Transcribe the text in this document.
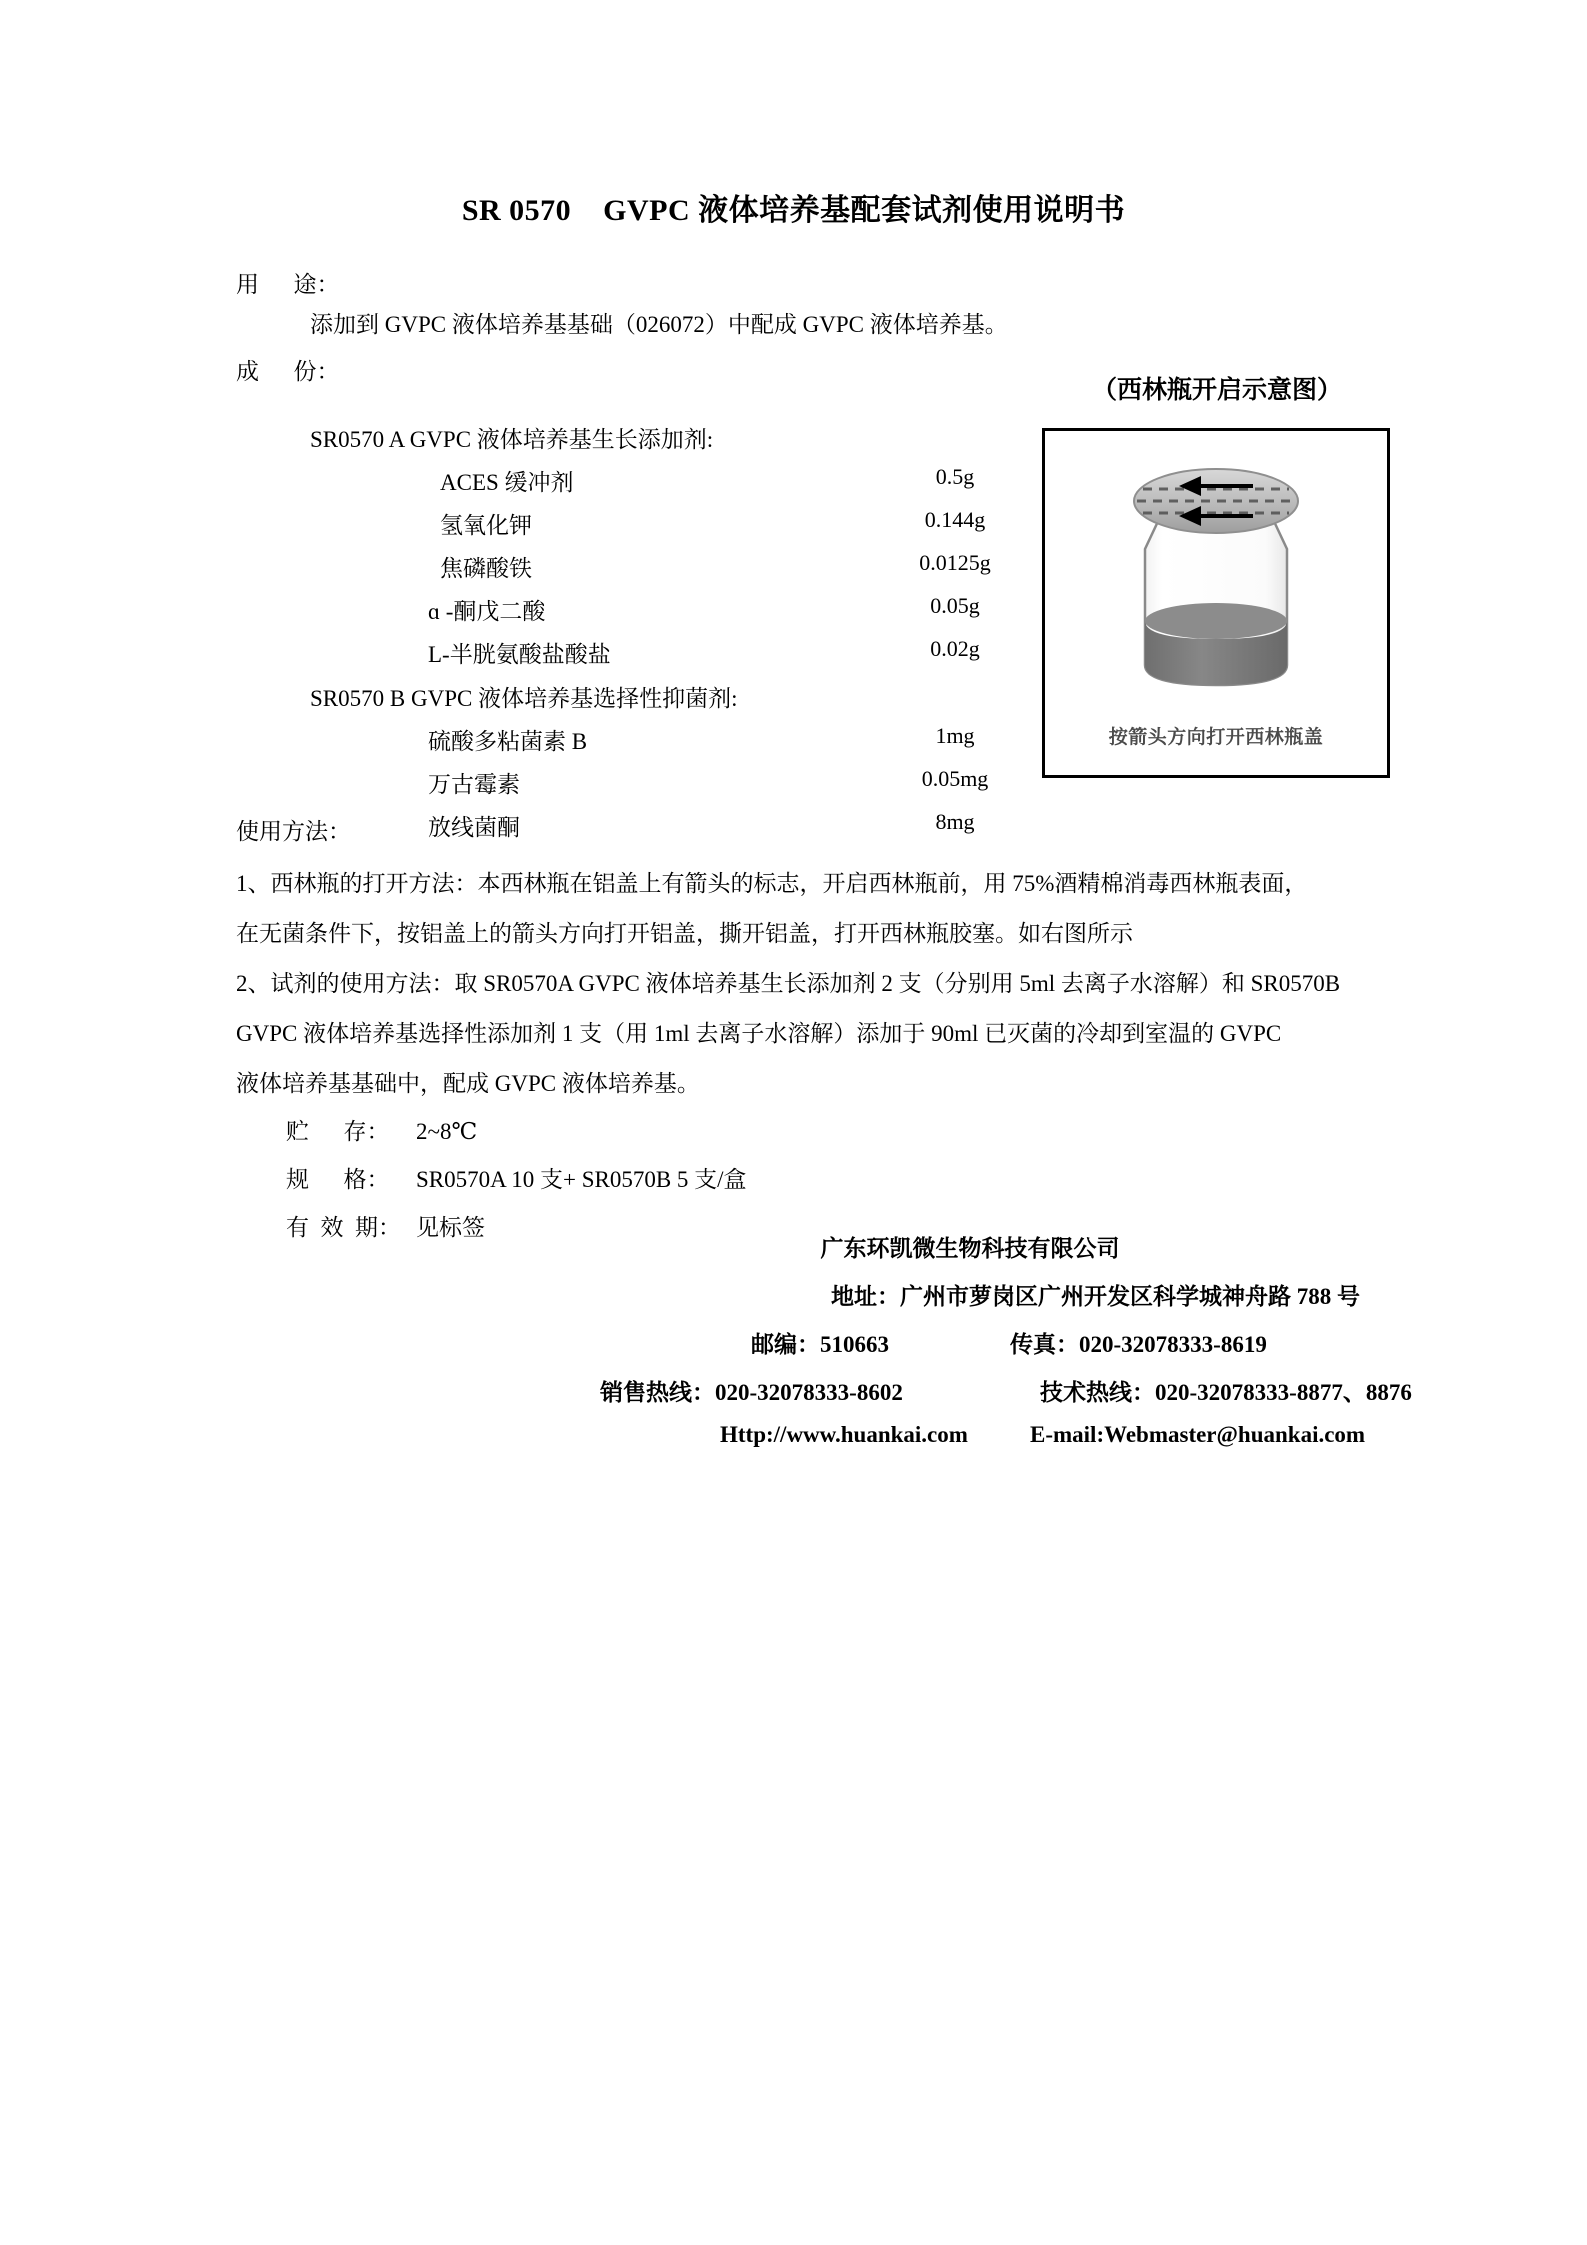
SR 0570    GVPC 液体培养基配套试剂使用说明书
用      途：
添加到 GVPC 液体培养基基础（026072）中配成 GVPC 液体培养基。
成      份：
SR0570 A GVPC 液体培养基生长添加剂:
ACES 缓冲剂	0.5g
氢氧化钾	0.144g
焦磷酸铁	0.0125g
ɑ -酮戊二酸	0.05g
L-半胱氨酸盐酸盐	0.02g
SR0570 B GVPC 液体培养基选择性抑菌剂:
硫酸多粘菌素 B	1mg
万古霉素	0.05mg
放线菌酮	8mg
（西林瓶开启示意图）
按箭头方向打开西林瓶盖
使用方法：
1、西林瓶的打开方法：本西林瓶在铝盖上有箭头的标志，开启西林瓶前，用 75%酒精棉消毒西林瓶表面，
在无菌条件下，按铝盖上的箭头方向打开铝盖，撕开铝盖，打开西林瓶胶塞。如右图所示
2、试剂的使用方法：取 SR0570A GVPC 液体培养基生长添加剂 2 支（分别用 5ml 去离子水溶解）和 SR0570B
GVPC 液体培养基选择性添加剂 1 支（用 1ml 去离子水溶解）添加于 90ml 已灭菌的冷却到室温的 GVPC
液体培养基基础中，配成 GVPC 液体培养基。
贮      存： 2~8℃
规      格： SR0570A 10 支+ SR0570B 5 支/盒
有  效  期： 见标签
广东环凯微生物科技有限公司
地址：广州市萝岗区广州开发区科学城神舟路 788 号
邮编：510663	传真：020-32078333-8619
销售热线：020-32078333-8602	技术热线：020-32078333-8877、8876
Http://www.huankai.com	E-mail:Webmaster@huankai.com
